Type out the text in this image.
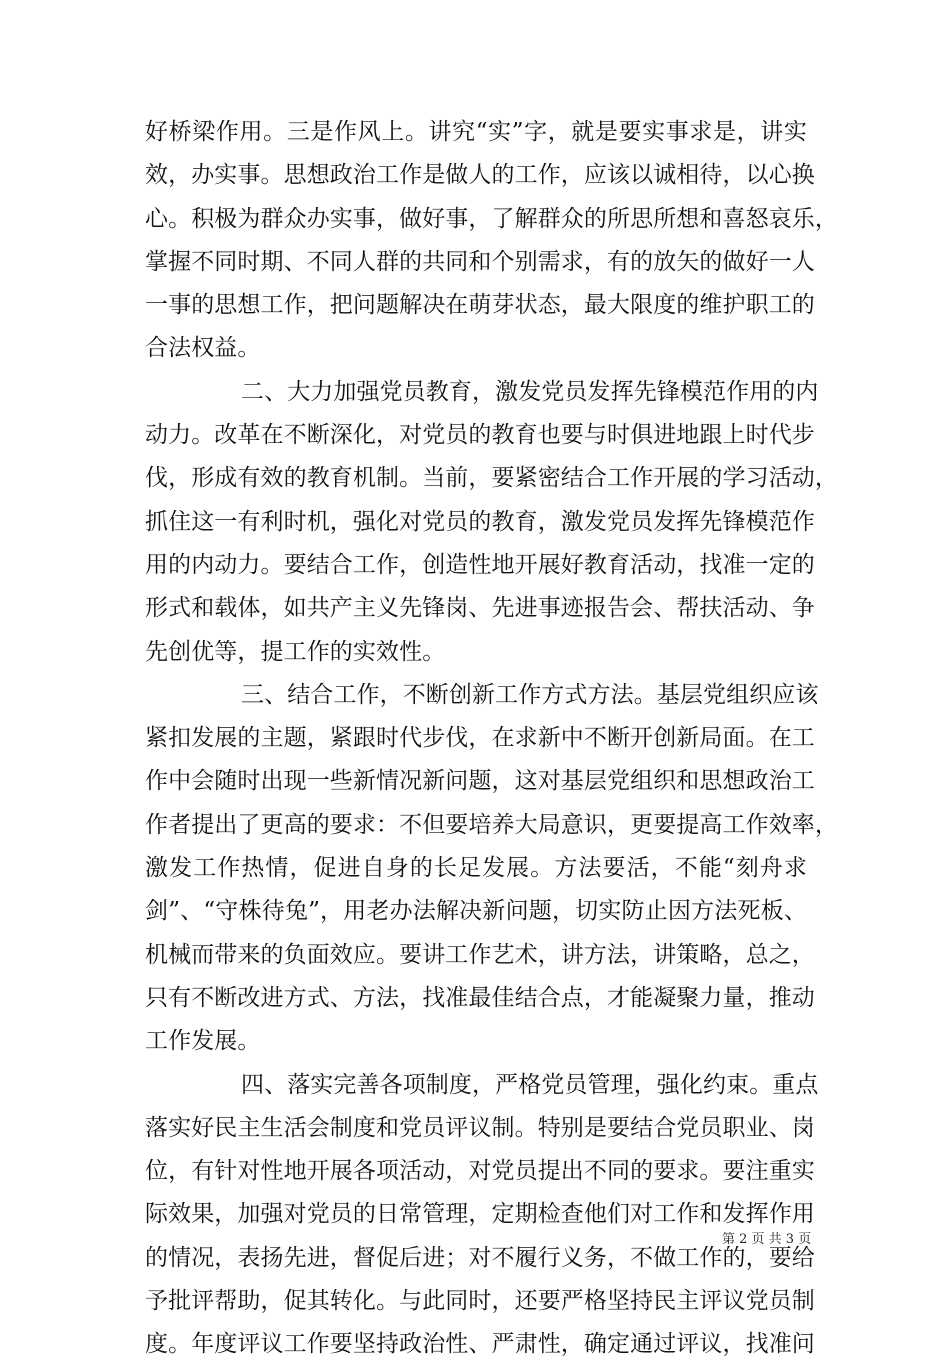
好桥梁作用。三是作风上。讲究“实”字，就是要实事求是，讲实
效，办实事。思想政治工作是做人的工作，应该以诚相待，以心换
心。积极为群众办实事，做好事，了解群众的所思所想和喜怒哀乐，
掌握不同时期、不同人群的共同和个别需求，有的放矢的做好一人
一事的思想工作，把问题解决在萌芽状态，最大限度的维护职工的
合法权益。
二、大力加强党员教育，激发党员发挥先锋模范作用的内
动力。改革在不断深化，对党员的教育也要与时俱进地跟上时代步
伐，形成有效的教育机制。当前，要紧密结合工作开展的学习活动，
抓住这一有利时机，强化对党员的教育，激发党员发挥先锋模范作
用的内动力。要结合工作，创造性地开展好教育活动，找准一定的
形式和载体，如共产主义先锋岗、先进事迹报告会、帮扶活动、争
先创优等，提工作的实效性。
三、结合工作，不断创新工作方式方法。基层党组织应该
紧扣发展的主题，紧跟时代步伐，在求新中不断开创新局面。在工
作中会随时出现一些新情况新问题，这对基层党组织和思想政治工
作者提出了更高的要求：不但要培养大局意识，更要提高工作效率，
激发工作热情，促进自身的长足发展。方法要活，不能“刻舟求
剑”、“守株待兔”，用老办法解决新问题，切实防止因方法死板、
机械而带来的负面效应。要讲工作艺术，讲方法，讲策略，总之，
只有不断改进方式、方法，找准最佳结合点，才能凝聚力量，推动
工作发展。
四、落实完善各项制度，严格党员管理，强化约束。重点
落实好民主生活会制度和党员评议制。特别是要结合党员职业、岗
位，有针对性地开展各项活动，对党员提出不同的要求。要注重实
际效果，加强对党员的日常管理，定期检查他们对工作和发挥作用
的情况，表扬先进，督促后进；对不履行义务，不做工作的，要给
予批评帮助，促其转化。与此同时，还要严格坚持民主评议党员制
度。年度评议工作要坚持政治性、严肃性，确定通过评议，找准问
第 2 页 共 3 页
